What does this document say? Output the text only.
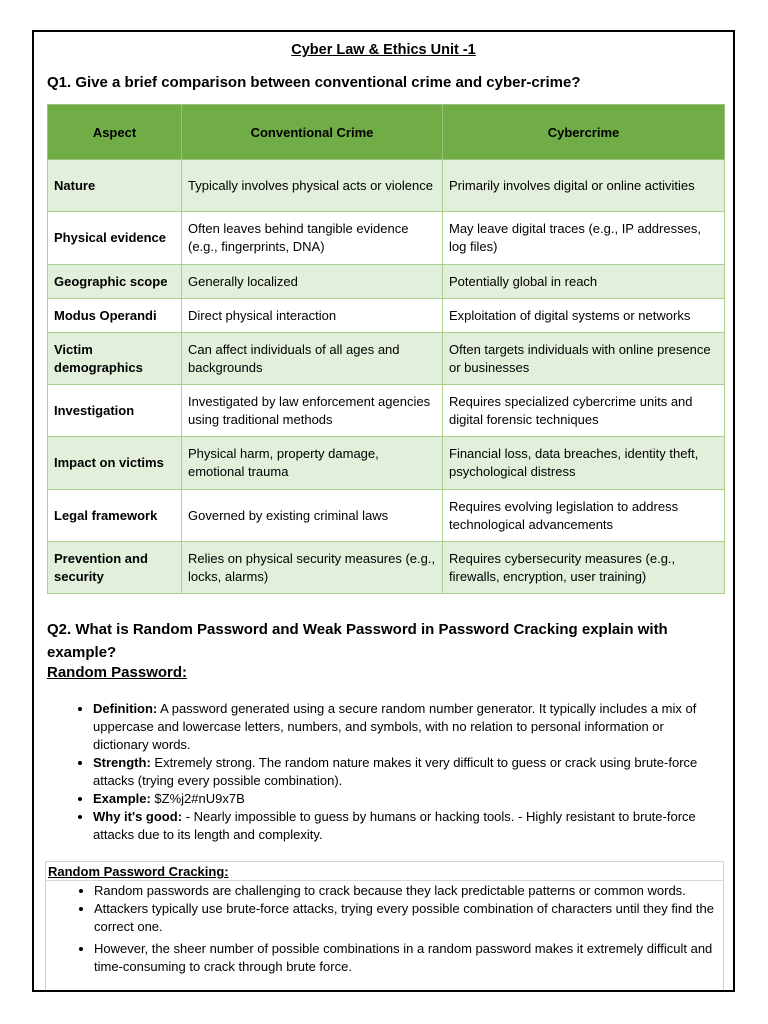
Cyber Law & Ethics Unit -1
Q1. Give a brief comparison between conventional crime and cyber-crime?
Aspect	Conventional Crime	Cybercrime
Nature	Typically involves physical acts or violence	Primarily involves digital or online activities
Physical evidence	Often leaves behind tangible evidence (e.g., fingerprints, DNA)	May leave digital traces (e.g., IP addresses, log files)
Geographic scope	Generally localized	Potentially global in reach
Modus Operandi	Direct physical interaction	Exploitation of digital systems or networks
Victim demographics	Can affect individuals of all ages and backgrounds	Often targets individuals with online presence or businesses
Investigation	Investigated by law enforcement agencies using traditional methods	Requires specialized cybercrime units and digital forensic techniques
Impact on victims	Physical harm, property damage, emotional trauma	Financial loss, data breaches, identity theft, psychological distress
Legal framework	Governed by existing criminal laws	Requires evolving legislation to address technological advancements
Prevention and security	Relies on physical security measures (e.g., locks, alarms)	Requires cybersecurity measures (e.g., firewalls, encryption, user training)
Q2. What is Random Password and Weak Password in Password Cracking explain with example?
Random Password:
• Definition: A password generated using a secure random number generator. It typically includes a mix of uppercase and lowercase letters, numbers, and symbols, with no relation to personal information or dictionary words.
• Strength: Extremely strong. The random nature makes it very difficult to guess or crack using brute-force attacks (trying every possible combination).
• Example: $Z%j2#nU9x7B
• Why it's good: - Nearly impossible to guess by humans or hacking tools. - Highly resistant to brute-force attacks due to its length and complexity.
Random Password Cracking:
• Random passwords are challenging to crack because they lack predictable patterns or common words.
• Attackers typically use brute-force attacks, trying every possible combination of characters until they find the correct one.
• However, the sheer number of possible combinations in a random password makes it extremely difficult and time-consuming to crack through brute force.
